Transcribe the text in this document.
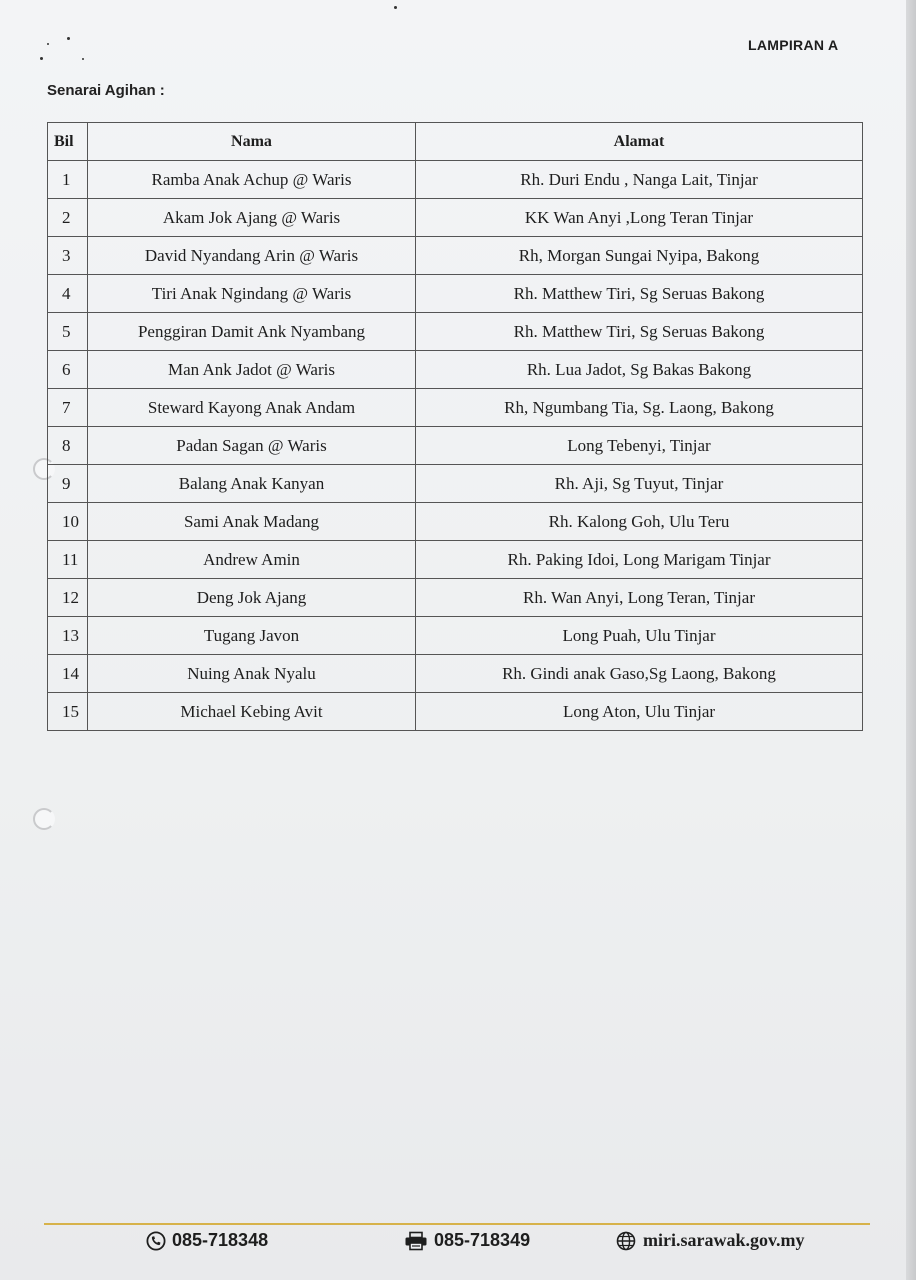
LAMPIRAN A
Senarai Agihan :
Bil	Nama	Alamat
1	Ramba Anak Achup @ Waris	Rh. Duri Endu , Nanga Lait, Tinjar
2	Akam Jok Ajang @ Waris	KK Wan Anyi ,Long Teran Tinjar
3	David Nyandang Arin @ Waris	Rh, Morgan Sungai Nyipa, Bakong
4	Tiri Anak Ngindang @ Waris	Rh. Matthew Tiri, Sg Seruas Bakong
5	Penggiran Damit Ank Nyambang	Rh. Matthew Tiri, Sg Seruas Bakong
6	Man Ank Jadot @ Waris	Rh. Lua Jadot, Sg Bakas Bakong
7	Steward Kayong Anak Andam	Rh, Ngumbang Tia, Sg. Laong, Bakong
8	Padan Sagan @ Waris	Long Tebenyi, Tinjar
9	Balang Anak Kanyan	Rh. Aji, Sg Tuyut, Tinjar
10	Sami Anak Madang	Rh. Kalong Goh, Ulu Teru
11	Andrew Amin	Rh. Paking Idoi, Long Marigam Tinjar
12	Deng Jok Ajang	Rh. Wan Anyi, Long Teran, Tinjar
13	Tugang Javon	Long Puah, Ulu Tinjar
14	Nuing Anak Nyalu	Rh. Gindi anak Gaso,Sg Laong, Bakong
15	Michael Kebing Avit	Long Aton, Ulu Tinjar
085-718348	085-718349	miri.sarawak.gov.my
